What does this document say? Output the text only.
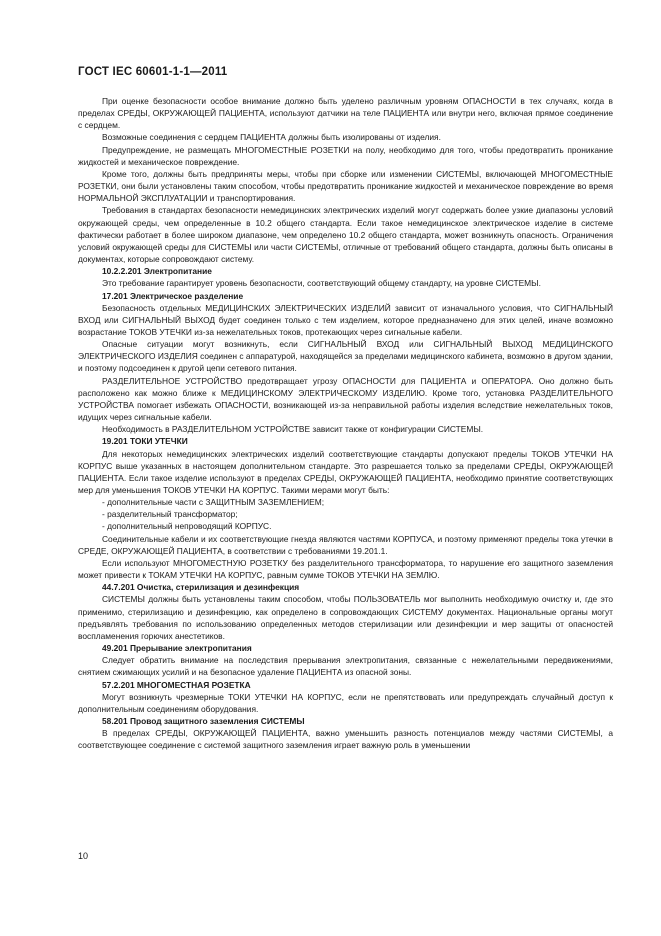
ГОСТ IEC 60601-1-1—2011

При оценке безопасности особое внимание должно быть уделено различным уровням ОПАСНОСТИ в тех случаях, когда в пределах СРЕДЫ, ОКРУЖАЮЩЕЙ ПАЦИЕНТА, используют датчики на теле ПАЦИЕНТА или внутри него, включая прямое соединение с сердцем.

Возможные соединения с сердцем ПАЦИЕНТА должны быть изолированы от изделия.

Предупреждение, не размещать МНОГОМЕСТНЫЕ РОЗЕТКИ на полу, необходимо для того, чтобы предотвратить проникание жидкостей и механическое повреждение.

Кроме того, должны быть предприняты меры, чтобы при сборке или изменении СИСТЕМЫ, включающей МНОГОМЕСТНЫЕ РОЗЕТКИ, они были установлены таким способом, чтобы предотвратить проникание жидкостей и механическое повреждение во время НОРМАЛЬНОЙ ЭКСПЛУАТАЦИИ и транспортирования.

Требования в стандартах безопасности немедицинских электрических изделий могут содержать более узкие диапазоны условий окружающей среды, чем определенные в 10.2 общего стандарта. Если такое немедицинское электрическое изделие в системе фактически работает в более широком диапазоне, чем определено 10.2 общего стандарта, может возникнуть опасность. Ограничения условий окружающей среды для СИСТЕМЫ или части СИСТЕМЫ, отличные от требований общего стандарта, должны быть описаны в документах, которые сопровождают систему.

10.2.2.201 Электропитание

Это требование гарантирует уровень безопасности, соответствующий общему стандарту, на уровне СИСТЕМЫ.

17.201 Электрическое разделение

Безопасность отдельных МЕДИЦИНСКИХ ЭЛЕКТРИЧЕСКИХ ИЗДЕЛИЙ зависит от изначального условия, что СИГНАЛЬНЫЙ ВХОД или СИГНАЛЬНЫЙ ВЫХОД будет соединен только с тем изделием, которое предназначено для этих целей, иначе возможно возрастание ТОКОВ УТЕЧКИ из-за нежелательных токов, протекающих через сигнальные кабели.

Опасные ситуации могут возникнуть, если СИГНАЛЬНЫЙ ВХОД или СИГНАЛЬНЫЙ ВЫХОД МЕДИЦИНСКОГО ЭЛЕКТРИЧЕСКОГО ИЗДЕЛИЯ соединен с аппаратурой, находящейся за пределами медицинского кабинета, возможно в другом здании, и поэтому подсоединен к другой цепи сетевого питания.

РАЗДЕЛИТЕЛЬНОЕ УСТРОЙСТВО предотвращает угрозу ОПАСНОСТИ для ПАЦИЕНТА и ОПЕРАТОРА. Оно должно быть расположено как можно ближе к МЕДИЦИНСКОМУ ЭЛЕКТРИЧЕСКОМУ ИЗДЕЛИЮ. Кроме того, установка РАЗДЕЛИТЕЛЬНОГО УСТРОЙСТВА помогает избежать ОПАСНОСТИ, возникающей из-за неправильной работы изделия вследствие нежелательных токов, идущих через сигнальные кабели.

Необходимость в РАЗДЕЛИТЕЛЬНОМ УСТРОЙСТВЕ зависит также от конфигурации СИСТЕМЫ.

19.201 ТОКИ УТЕЧКИ

Для некоторых немедицинских электрических изделий соответствующие стандарты допускают пределы ТОКОВ УТЕЧКИ НА КОРПУС выше указанных в настоящем дополнительном стандарте. Это разрешается только за пределами СРЕДЫ, ОКРУЖАЮЩЕЙ ПАЦИЕНТА. Если такое изделие используют в пределах СРЕДЫ, ОКРУЖАЮЩЕЙ ПАЦИЕНТА, необходимо принятие соответствующих мер для уменьшения ТОКОВ УТЕЧКИ НА КОРПУС. Такими мерами могут быть:

- дополнительные части с ЗАЩИТНЫМ ЗАЗЕМЛЕНИЕМ;

- разделительный трансформатор;

- дополнительный непроводящий КОРПУС.

Соединительные кабели и их соответствующие гнезда являются частями КОРПУСА, и поэтому применяют пределы тока утечки в СРЕДЕ, ОКРУЖАЮЩЕЙ ПАЦИЕНТА, в соответствии с требованиями 19.201.1.

Если используют МНОГОМЕСТНУЮ РОЗЕТКУ без разделительного трансформатора, то нарушение его защитного заземления может привести к ТОКАМ УТЕЧКИ НА КОРПУС, равным сумме ТОКОВ УТЕЧКИ НА ЗЕМЛЮ.

44.7.201 Очистка, стерилизация и дезинфекция

СИСТЕМЫ должны быть установлены таким способом, чтобы ПОЛЬЗОВАТЕЛЬ мог выполнить необходимую очистку и, где это применимо, стерилизацию и дезинфекцию, как определено в сопровождающих СИСТЕМУ документах. Национальные органы могут предъявлять требования по использованию определенных методов стерилизации или дезинфекции и мер защиты от опасностей воспламенения горючих анестетиков.

49.201 Прерывание электропитания

Следует обратить внимание на последствия прерывания электропитания, связанные с нежелательными передвижениями, снятием сжимающих усилий и на безопасное удаление ПАЦИЕНТА из опасной зоны.

57.2.201 МНОГОМЕСТНАЯ РОЗЕТКА

Могут возникнуть чрезмерные ТОКИ УТЕЧКИ НА КОРПУС, если не препятствовать или предупреждать случайный доступ к дополнительным соединениям оборудования.

58.201 Провод защитного заземления СИСТЕМЫ

В пределах СРЕДЫ, ОКРУЖАЮЩЕЙ ПАЦИЕНТА, важно уменьшить разность потенциалов между частями СИСТЕМЫ, а соответствующее соединение с системой защитного заземления играет важную роль в уменьшении

10
